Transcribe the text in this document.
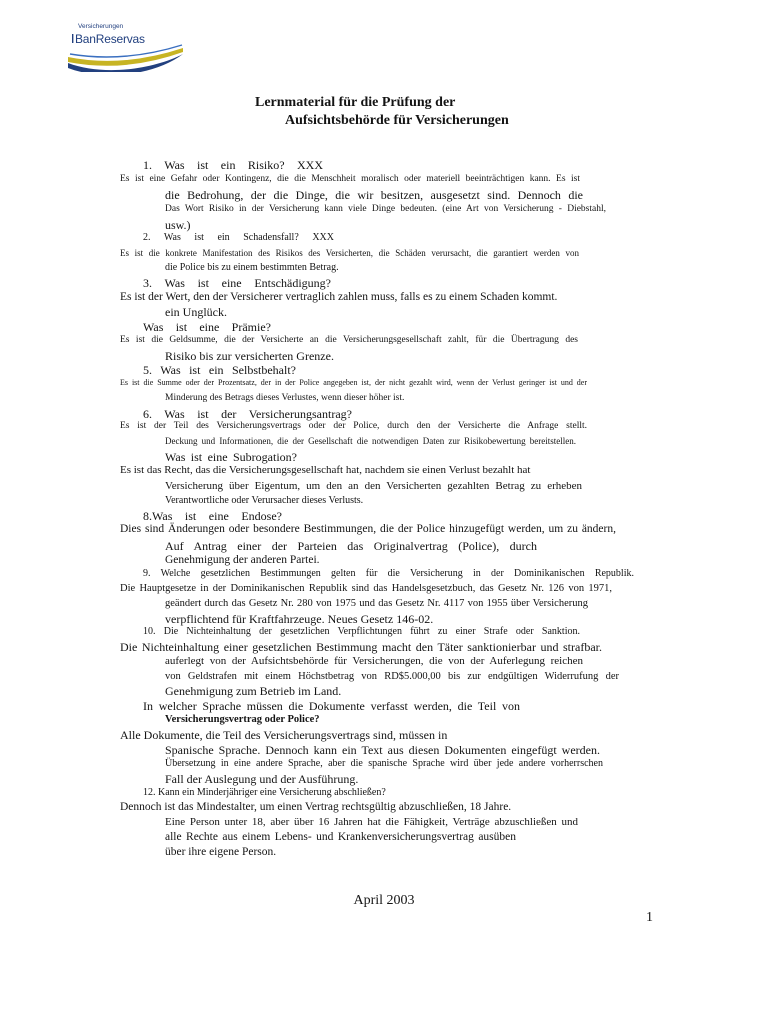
Versicherungen
BanReservas
Lernmaterial für die Prüfung der
Aufsichtsbehörde für Versicherungen
1. Was ist ein Risiko? XXX
Es ist eine Gefahr oder Kontingenz, die die Menschheit moralisch oder materiell beeinträchtigen kann. Es ist
die Bedrohung, der die Dinge, die wir besitzen, ausgesetzt sind. Dennoch die
Das Wort Risiko in der Versicherung kann viele Dinge bedeuten. (eine Art von Versicherung - Diebstahl,
usw.)
2. Was ist ein Schadensfall? XXX
Es ist die konkrete Manifestation des Risikos des Versicherten, die Schäden verursacht, die garantiert werden von
die Police bis zu einem bestimmten Betrag.
3. Was ist eine Entschädigung?
Es ist der Wert, den der Versicherer vertraglich zahlen muss, falls es zu einem Schaden kommt.
ein Unglück.
Was ist eine Prämie?
Es ist die Geldsumme, die der Versicherte an die Versicherungsgesellschaft zahlt, für die Übertragung des
Risiko bis zur versicherten Grenze.
5. Was ist ein Selbstbehalt?
Es ist die Summe oder der Prozentsatz, der in der Police angegeben ist, der nicht gezahlt wird, wenn der Verlust geringer ist und der
Minderung des Betrags dieses Verlustes, wenn dieser höher ist.
6. Was ist der Versicherungsantrag?
Es ist der Teil des Versicherungsvertrags oder der Police, durch den der Versicherte die Anfrage stellt.
Deckung und Informationen, die der Gesellschaft die notwendigen Daten zur Risikobewertung bereitstellen.
Was ist eine Subrogation?
Es ist das Recht, das die Versicherungsgesellschaft hat, nachdem sie einen Verlust bezahlt hat
Versicherung über Eigentum, um den an den Versicherten gezahlten Betrag zu erheben
Verantwortliche oder Verursacher dieses Verlusts.
8.Was ist eine Endose?
Dies sind Änderungen oder besondere Bestimmungen, die der Police hinzugefügt werden, um zu ändern,
Auf Antrag einer der Parteien das Originalvertrag (Police), durch
Genehmigung der anderen Partei.
9. Welche gesetzlichen Bestimmungen gelten für die Versicherung in der Dominikanischen Republik.
Die Hauptgesetze in der Dominikanischen Republik sind das Handelsgesetzbuch, das Gesetz Nr. 126 von 1971,
geändert durch das Gesetz Nr. 280 von 1975 und das Gesetz Nr. 4117 von 1955 über Versicherung
verpflichtend für Kraftfahrzeuge. Neues Gesetz 146-02.
10. Die Nichteinhaltung der gesetzlichen Verpflichtungen führt zu einer Strafe oder Sanktion.
Die Nichteinhaltung einer gesetzlichen Bestimmung macht den Täter sanktionierbar und strafbar.
auferlegt von der Aufsichtsbehörde für Versicherungen, die von der Auferlegung reichen
von Geldstrafen mit einem Höchstbetrag von RD$5.000,00 bis zur endgültigen Widerrufung der
Genehmigung zum Betrieb im Land.
In welcher Sprache müssen die Dokumente verfasst werden, die Teil von
Versicherungsvertrag oder Police?
Alle Dokumente, die Teil des Versicherungsvertrags sind, müssen in
Spanische Sprache. Dennoch kann ein Text aus diesen Dokumenten eingefügt werden.
Übersetzung in eine andere Sprache, aber die spanische Sprache wird über jede andere vorherrschen
Fall der Auslegung und der Ausführung.
12. Kann ein Minderjähriger eine Versicherung abschließen?
Dennoch ist das Mindestalter, um einen Vertrag rechtsgültig abzuschließen, 18 Jahre.
Eine Person unter 18, aber über 16 Jahren hat die Fähigkeit, Verträge abzuschließen und
alle Rechte aus einem Lebens- und Krankenversicherungsvertrag ausüben
über ihre eigene Person.
April 2003
1
